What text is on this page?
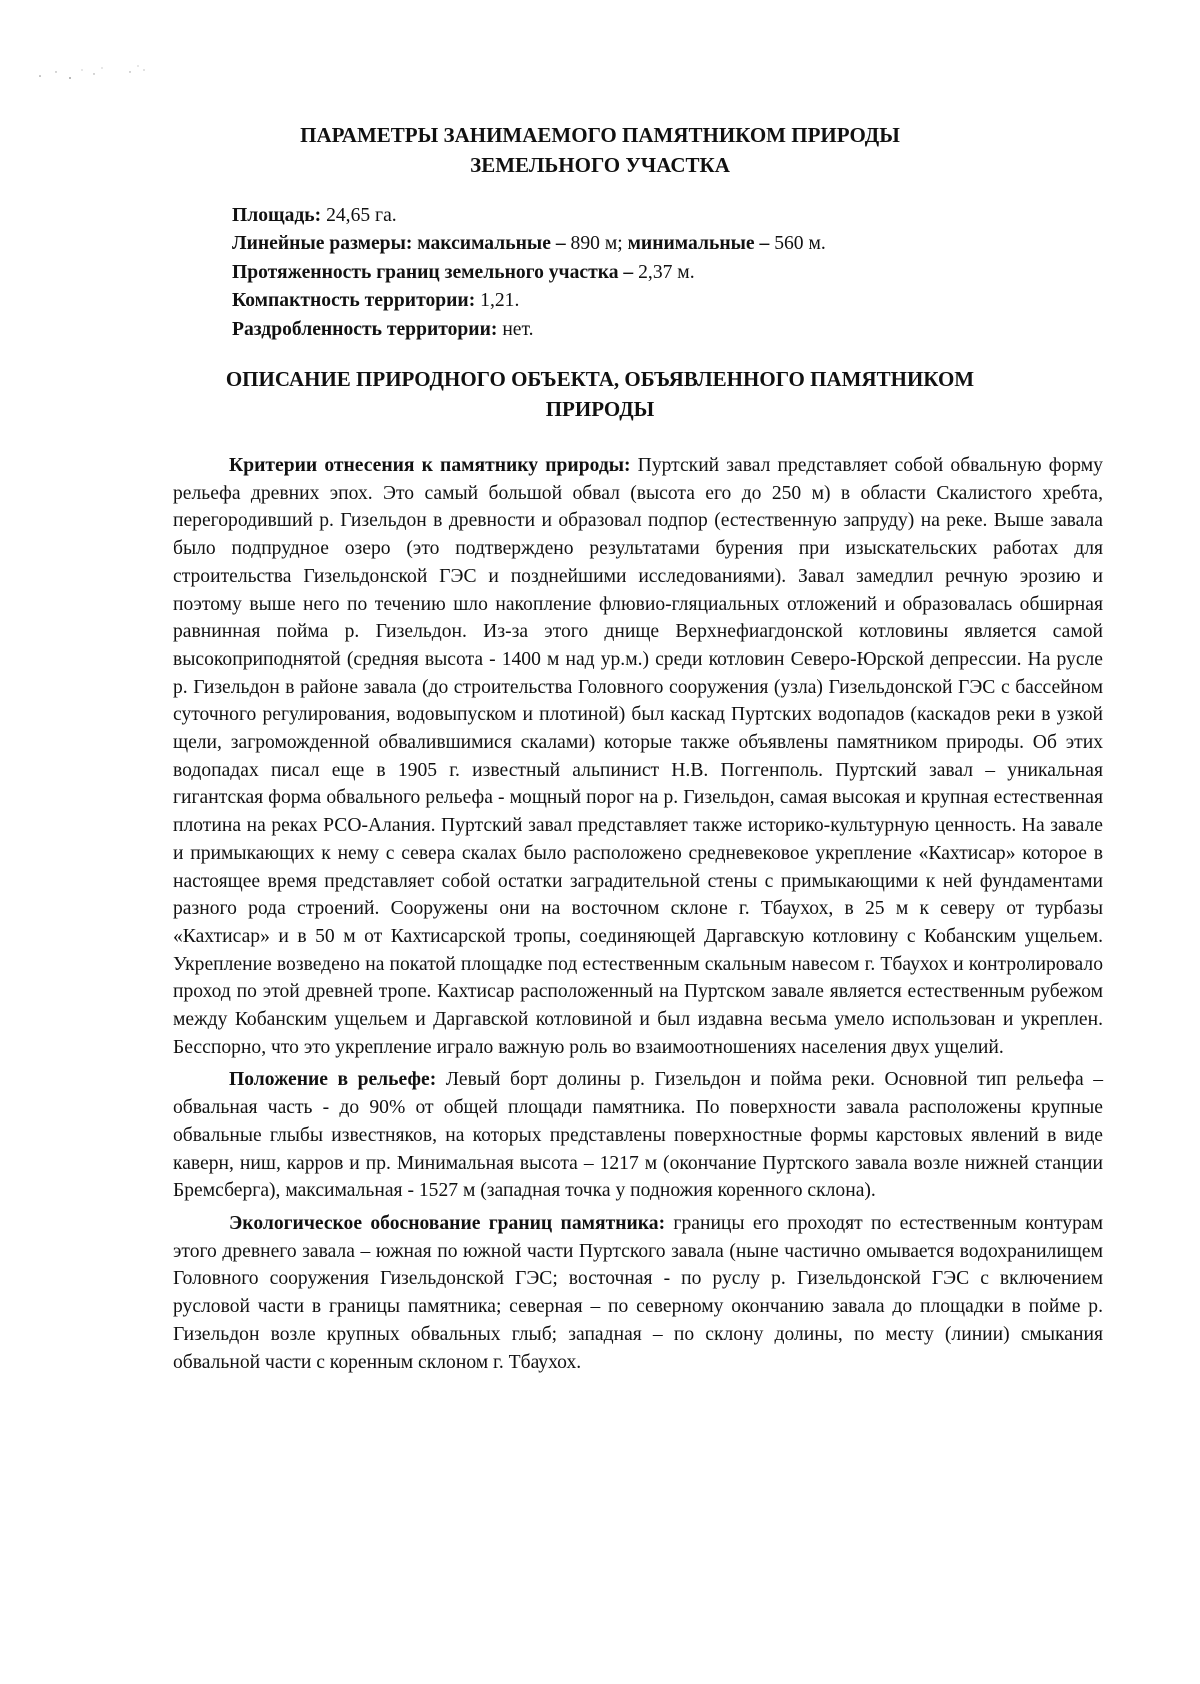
ПАРАМЕТРЫ ЗАНИМАЕМОГО ПАМЯТНИКОМ ПРИРОДЫ
ЗЕМЕЛЬНОГО УЧАСТКА
Площадь: 24,65 га.
Линейные размеры: максимальные – 890 м; минимальные – 560 м.
Протяженность границ земельного участка – 2,37 м.
Компактность территории: 1,21.
Раздробленность территории: нет.
ОПИСАНИЕ ПРИРОДНОГО ОБЪЕКТА, ОБЪЯВЛЕННОГО ПАМЯТНИКОМ
ПРИРОДЫ

Критерии отнесения к памятнику природы: Пуртский завал представляет собой обвальную форму рельефа древних эпох. Это самый большой обвал (высота его до 250 м) в области Скалистого хребта, перегородивший р. Гизельдон в древности и образовал подпор (естественную запруду) на реке. Выше завала было подпрудное озеро (это подтверждено результатами бурения при изыскательских работах для строительства Гизельдонской ГЭС и позднейшими исследованиями). Завал замедлил речную эрозию и поэтому выше него по течению шло накопление флювио-гляциальных отложений и образовалась обширная равнинная пойма р. Гизельдон. Из-за этого днище Верхнефиагдонской котловины является самой высокоприподнятой (средняя высота - 1400 м над ур.м.) среди котловин Северо-Юрской депрессии. На русле р. Гизельдон в районе завала (до строительства Головного сооружения (узла) Гизельдонской ГЭС с бассейном суточного регулирования, водовыпуском и плотиной) был каскад Пуртских водопадов (каскадов реки в узкой щели, загроможденной обвалившимися скалами) которые также объявлены памятником природы. Об этих водопадах писал еще в 1905 г. известный альпинист Н.В. Поггенполь. Пуртский завал – уникальная гигантская форма обвального рельефа - мощный порог на р. Гизельдон, самая высокая и крупная естественная плотина на реках РСО-Алания. Пуртский завал представляет также историко-культурную ценность. На завале и примыкающих к нему с севера скалах было расположено средневековое укрепление «Кахтисар» которое в настоящее время представляет собой остатки заградительной стены с примыкающими к ней фундаментами разного рода строений. Сооружены они на восточном склоне г. Тбаухох, в 25 м к северу от турбазы «Кахтисар» и в 50 м от Кахтисарской тропы, соединяющей Даргавскую котловину с Кобанским ущельем. Укрепление возведено на покатой площадке под естественным скальным навесом г. Тбаухох и контролировало проход по этой древней тропе. Кахтисар расположенный на Пуртском завале является естественным рубежом между Кобанским ущельем и Даргавской котловиной и был издавна весьма умело использован и укреплен. Бесспорно, что это укрепление играло важную роль во взаимоотношениях населения двух ущелий.

Положение в рельефе: Левый борт долины р. Гизельдон и пойма реки. Основной тип рельефа – обвальная часть - до 90% от общей площади памятника. По поверхности завала расположены крупные обвальные глыбы известняков, на которых представлены поверхностные формы карстовых явлений в виде каверн, ниш, карров и пр. Минимальная высота – 1217 м (окончание Пуртского завала возле нижней станции Бремсберга), максимальная - 1527 м (западная точка у подножия коренного склона).

Экологическое обоснование границ памятника: границы его проходят по естественным контурам этого древнего завала – южная по южной части Пуртского завала (ныне частично омывается водохранилищем Головного сооружения Гизельдонской ГЭС; восточная - по руслу р. Гизельдонской ГЭС с включением русловой части в границы памятника; северная – по северному окончанию завала до площадки в пойме р. Гизельдон возле крупных обвальных глыб; западная – по склону долины, по месту (линии) смыкания обвальной части с коренным склоном г. Тбаухох.
